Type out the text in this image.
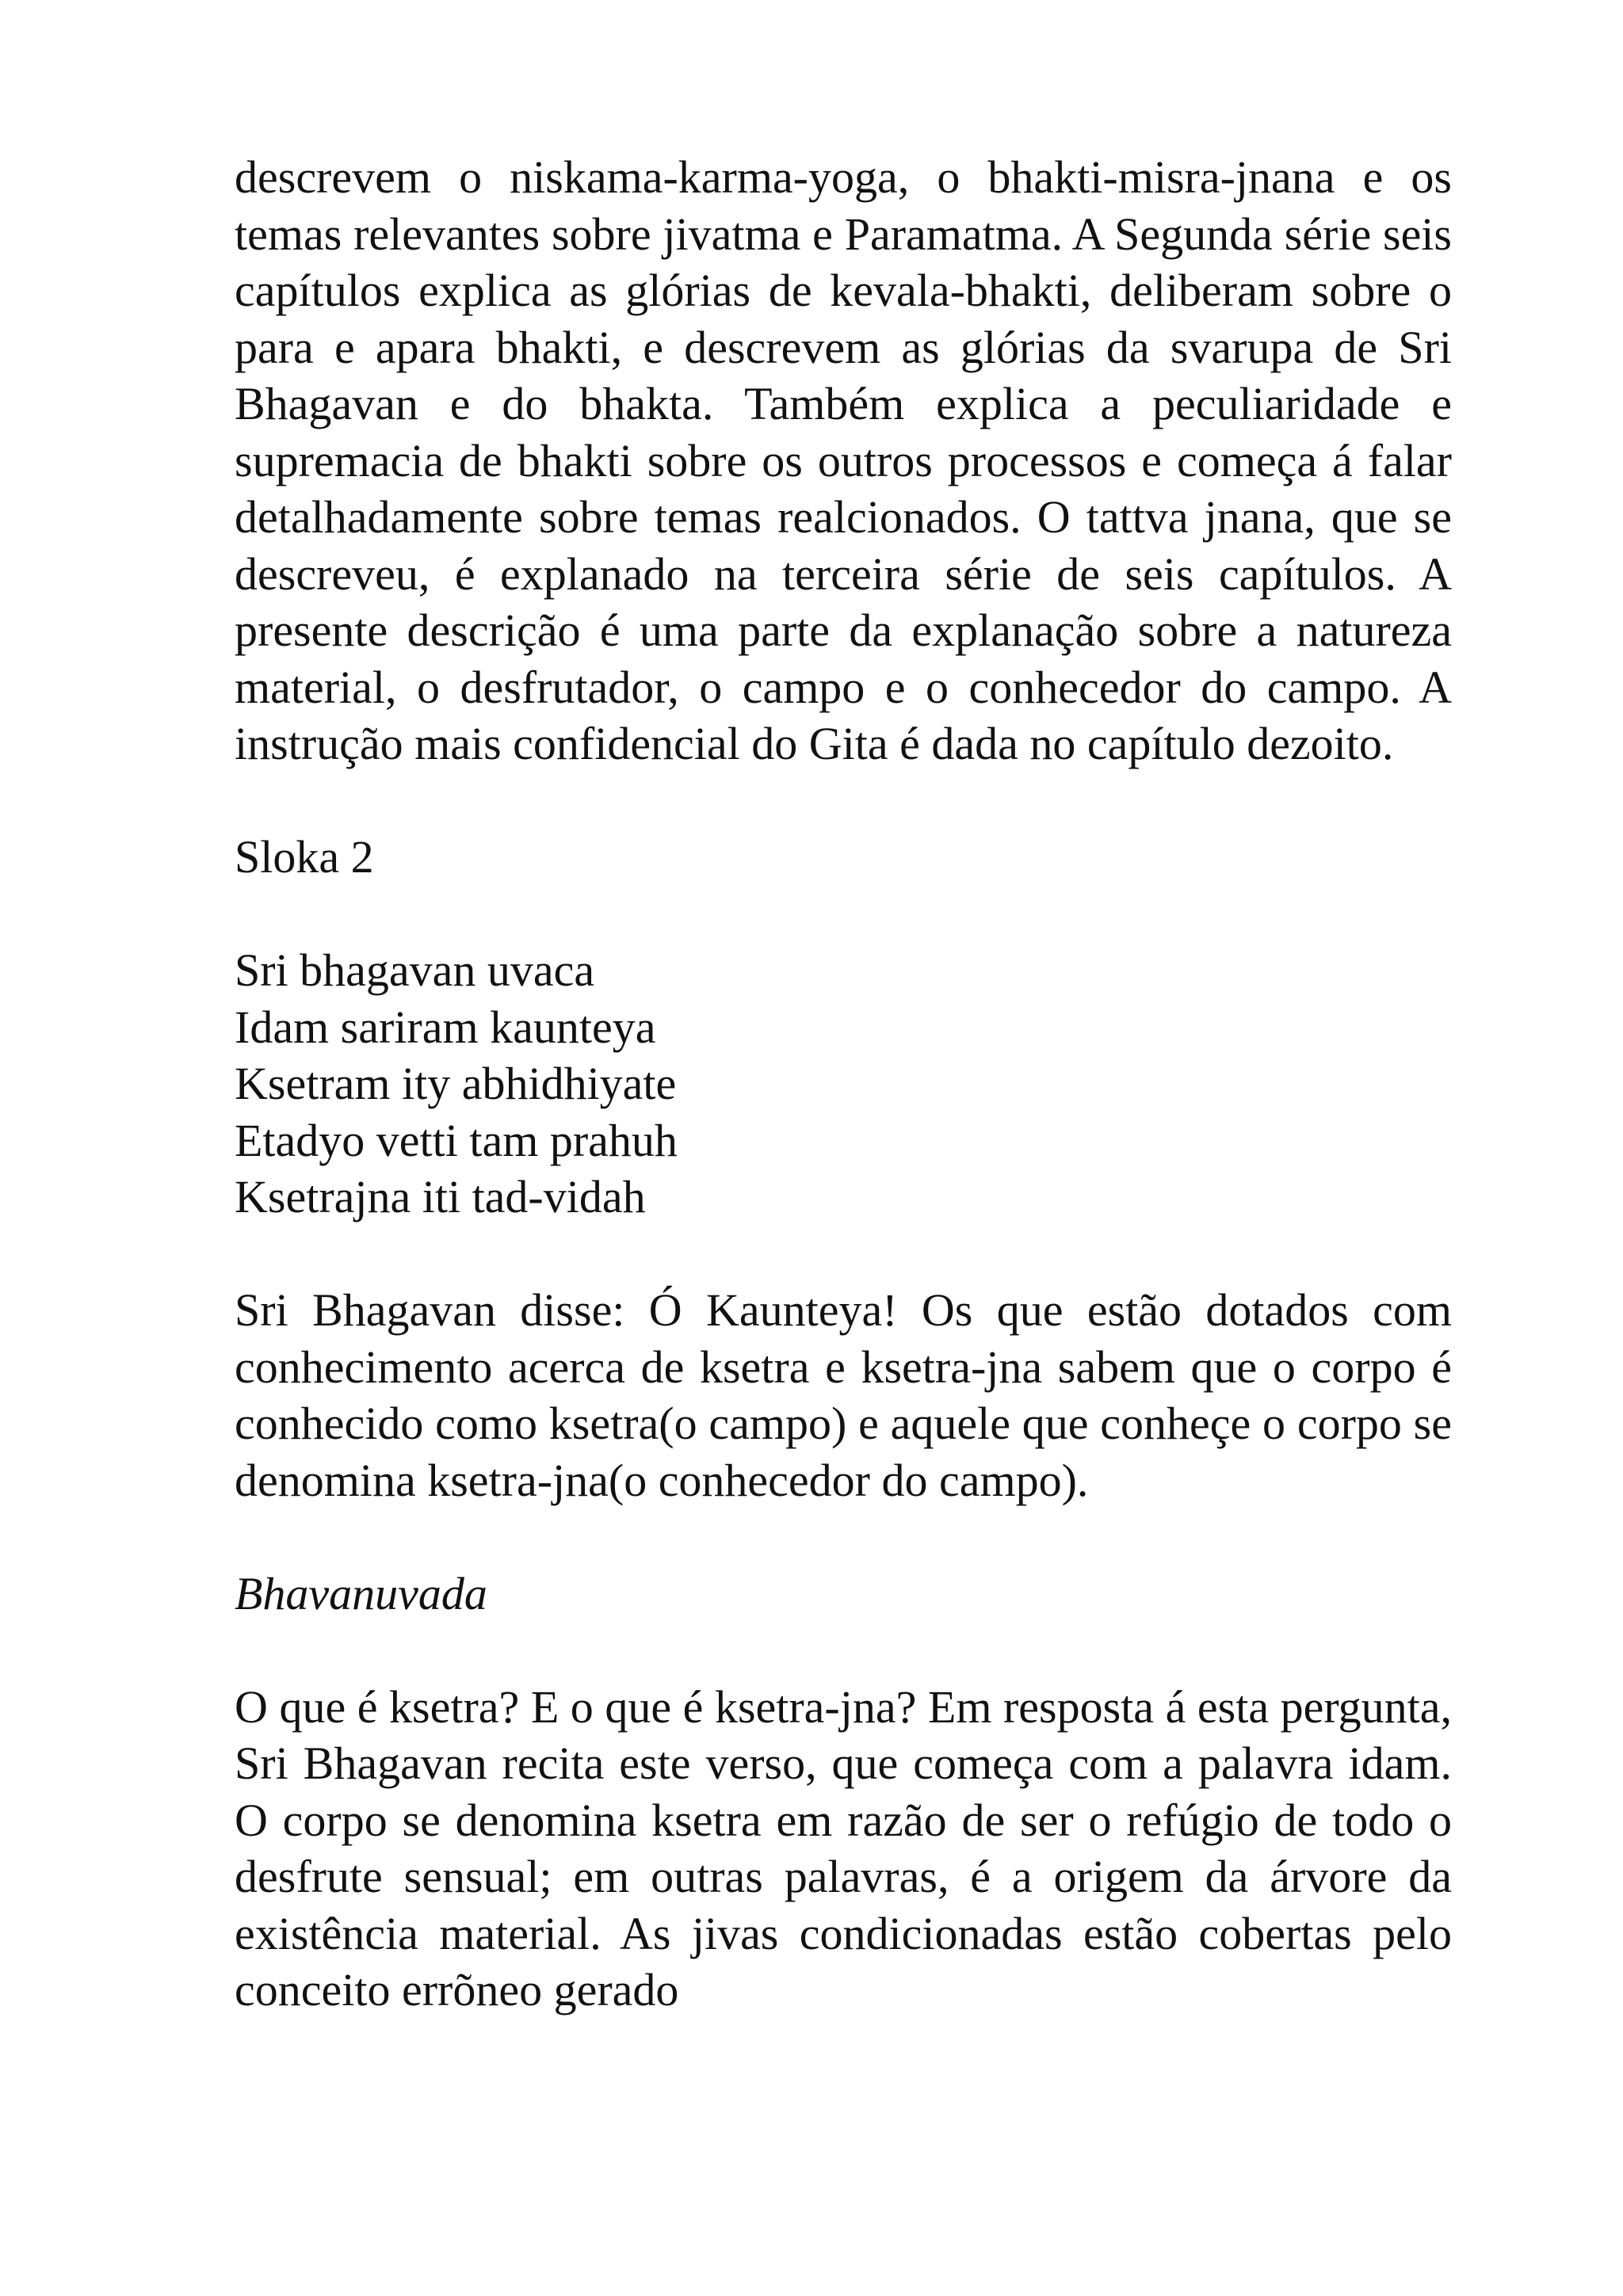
descrevem o niskama-karma-yoga, o bhakti-misra-jnana e os temas relevantes sobre jivatma e Paramatma. A Segunda série seis capítulos explica as glórias de kevala-bhakti, deliberam sobre o para e apara bhakti, e descrevem as glórias da svarupa de Sri Bhagavan e do bhakta. Também explica a peculiaridade e supremacia de bhakti sobre os outros processos e começa á falar detalhadamente sobre temas realcionados. O tattva jnana, que se descreveu, é explanado na terceira série de seis capítulos. A presente descrição é uma parte da explanação sobre a natureza material, o desfrutador, o campo e o conhecedor do campo. A instrução mais confidencial do Gita é dada no capítulo dezoito.

Sloka 2

Sri bhagavan uvaca
Idam sariram kaunteya
Ksetram ity abhidhiyate
Etadyo vetti tam prahuh
Ksetrajna iti tad-vidah

Sri Bhagavan disse: Ó Kaunteya! Os que estão dotados com conhecimento acerca de ksetra e ksetra-jna sabem que o corpo é conhecido como ksetra(o campo) e aquele que conheçe o corpo se denomina ksetra-jna(o conhecedor do campo).

Bhavanuvada

O que é ksetra? E o que é ksetra-jna? Em resposta á esta pergunta, Sri Bhagavan recita este verso, que começa com a palavra idam. O corpo se denomina ksetra em razão de ser o refúgio de todo o desfrute sensual; em outras palavras, é a origem da árvore da existência material. As jivas condicionadas estão cobertas pelo conceito errõneo gerado
